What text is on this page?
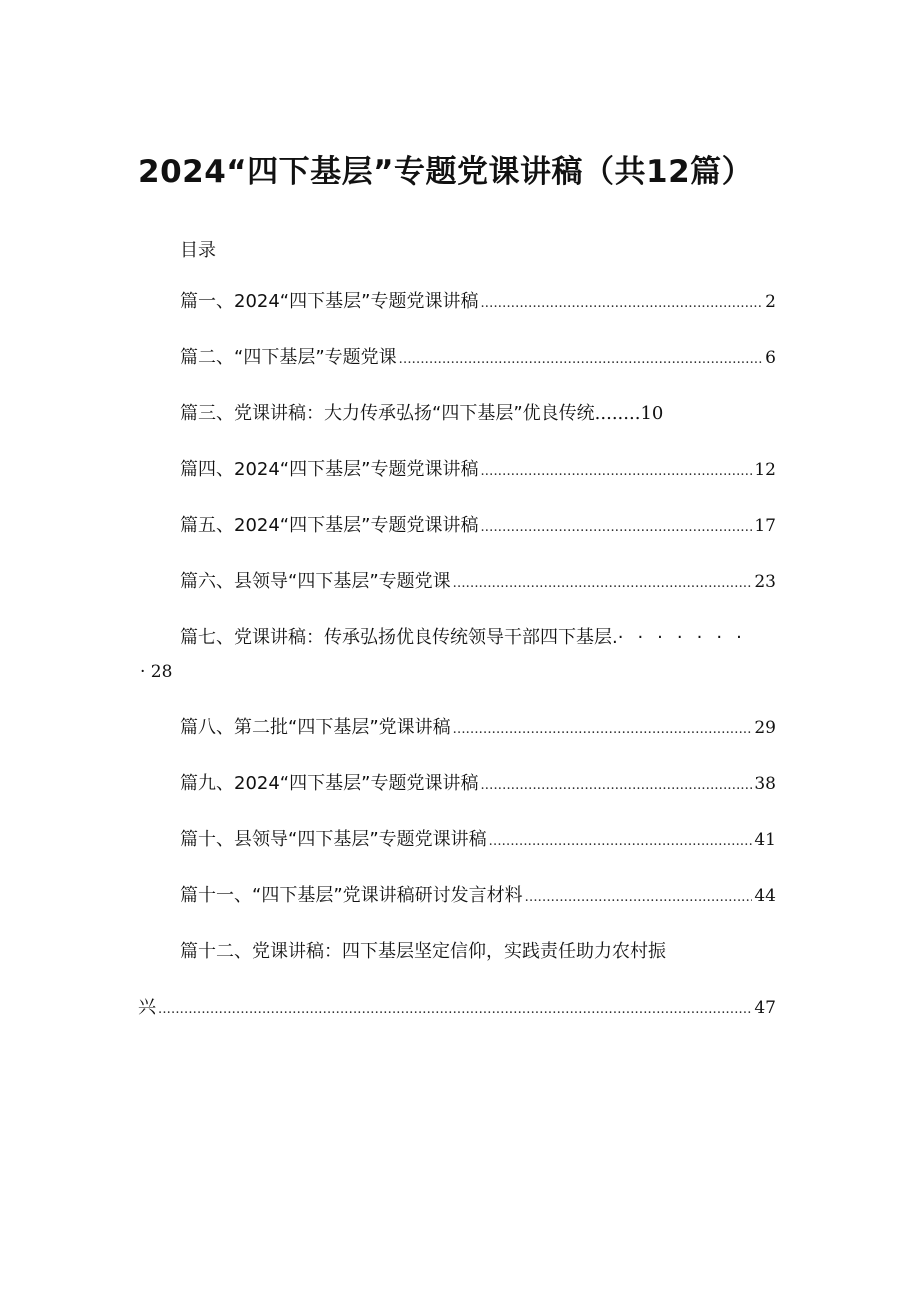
2024“四下基层”专题党课讲稿（共12篇）
目录
篇一、2024“四下基层”专题党课讲稿 .....	2
篇二、“四下基层”专题党课 .....	6
篇三、党课讲稿：大力传承弘扬“四下基层”优良传统........10
篇四、2024“四下基层”专题党课讲稿 .....	12
篇五、2024“四下基层”专题党课讲稿 .....	17
篇六、县领导“四下基层”专题党课 .....	23
篇七、党课讲稿：传承弘扬优良传统领导干部四下基层.·······
· 28
篇八、第二批“四下基层”党课讲稿 .....	29
篇九、2024“四下基层”专题党课讲稿 .....	38
篇十、县领导“四下基层”专题党课讲稿 .....	41
篇十一、“四下基层”党课讲稿研讨发言材料 .....	44
篇十二、党课讲稿：四下基层坚定信仰，实践责任助力农村振
兴 .....	47
